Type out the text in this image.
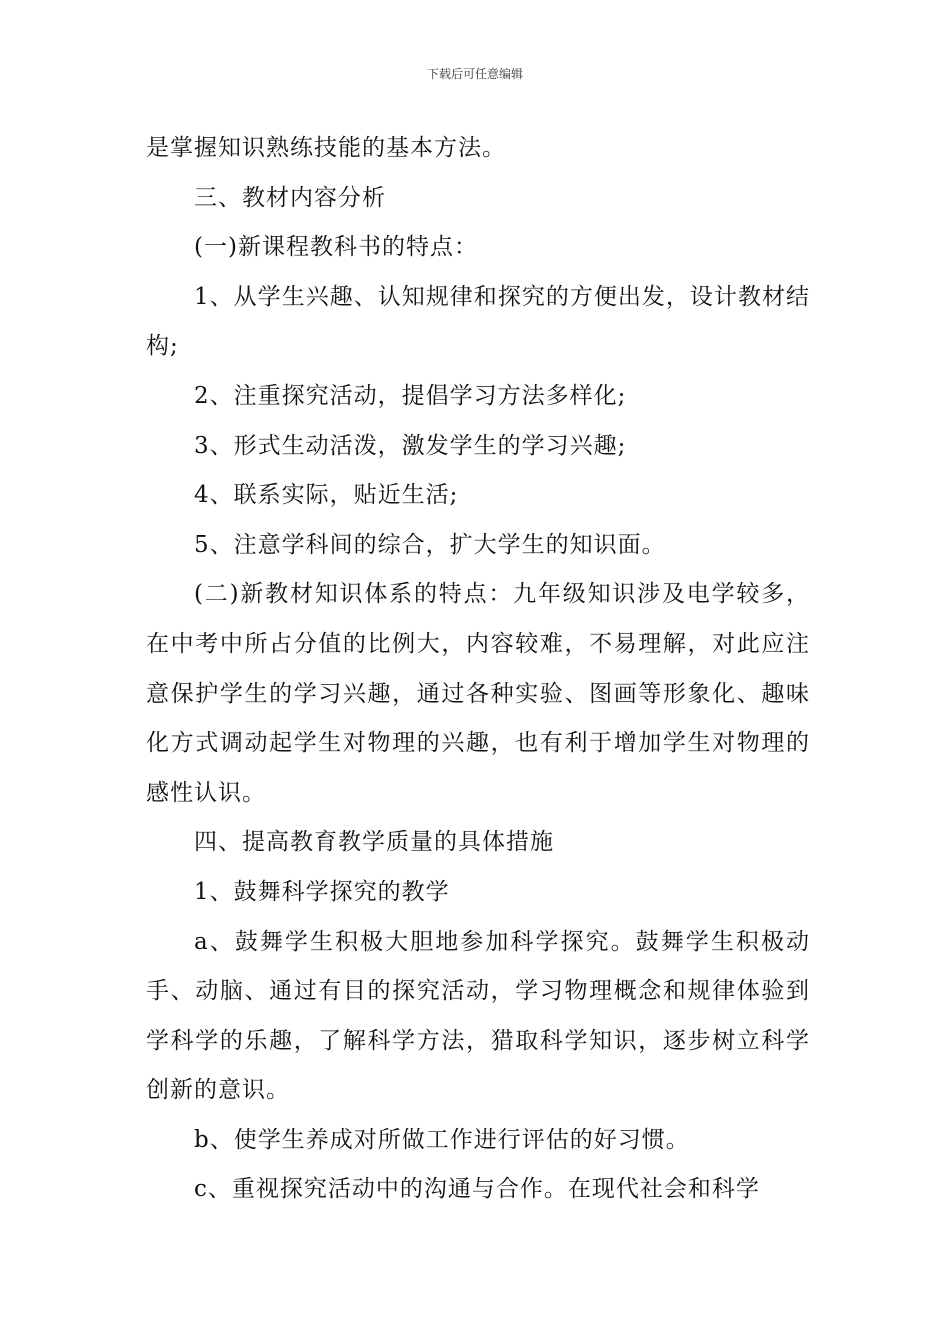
下载后可任意编辑

是掌握知识熟练技能的基本方法。

三、教材内容分析

(一)新课程教科书的特点：

1、从学生兴趣、认知规律和探究的方便出发，设计教材结构;

2、注重探究活动，提倡学习方法多样化;

3、形式生动活泼，激发学生的学习兴趣;

4、联系实际，贴近生活;

5、注意学科间的综合，扩大学生的知识面。

(二)新教材知识体系的特点：九年级知识涉及电学较多，在中考中所占分值的比例大，内容较难，不易理解，对此应注意保护学生的学习兴趣，通过各种实验、图画等形象化、趣味化方式调动起学生对物理的兴趣，也有利于增加学生对物理的感性认识。

四、提高教育教学质量的具体措施

1、鼓舞科学探究的教学

a、鼓舞学生积极大胆地参加科学探究。鼓舞学生积极动手、动脑、通过有目的探究活动，学习物理概念和规律体验到学科学的乐趣，了解科学方法，猎取科学知识，逐步树立科学创新的意识。

b、使学生养成对所做工作进行评估的好习惯。

c、重视探究活动中的沟通与合作。在现代社会和科学
